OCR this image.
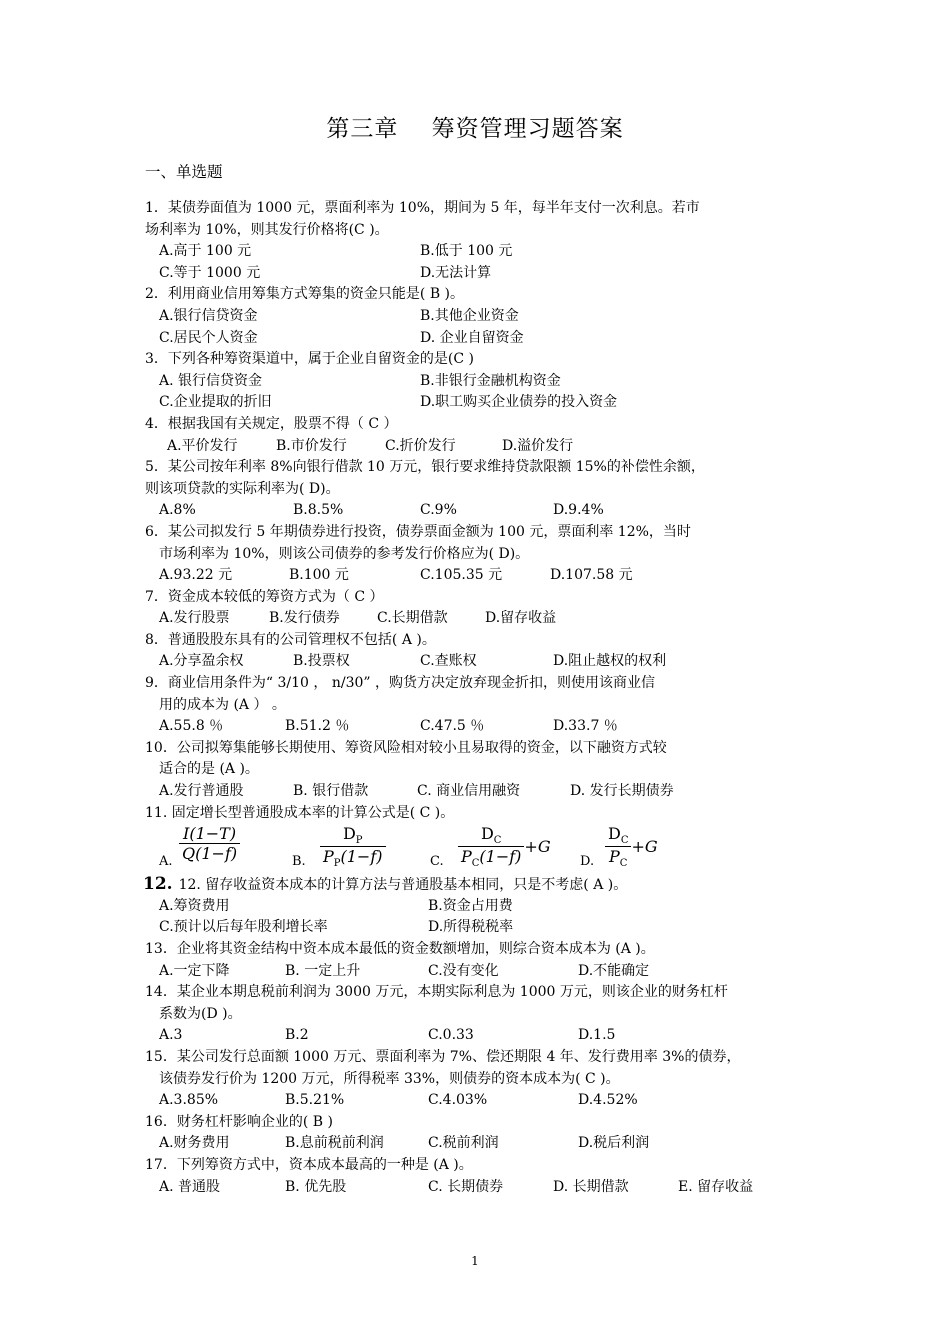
第三章    筹资管理习题答案
一、单选题
1．某债券面值为 1000 元，票面利率为 10%，期间为 5 年，每半年支付一次利息。若市
场利率为 10%，则其发行价格将(C )。
A.高于 100 元	B.低于 100 元
C.等于 1000 元	D.无法计算
2．利用商业信用筹集方式筹集的资金只能是( B )。
A.银行信贷资金	B.其他企业资金
C.居民个人资金	D. 企业自留资金
3．下列各种筹资渠道中，属于企业自留资金的是(C )
A. 银行信贷资金	B.非银行金融机构资金
C.企业提取的折旧	D.职工购买企业债券的投入资金
4．根据我国有关规定，股票不得（ C ）
A.平价发行	B.市价发行	C.折价发行	D.溢价发行
5．某公司按年利率 8%向银行借款 10 万元，银行要求维持贷款限额 15%的补偿性余额，
则该项贷款的实际利率为( D)。
A.8%	B.8.5%	C.9%	D.9.4%
6．某公司拟发行 5 年期债券进行投资，债券票面金额为 100 元，票面利率 12%，当时
市场利率为 10%，则该公司债券的参考发行价格应为( D)。
A.93.22 元	B.100 元	C.105.35 元	D.107.58 元
7．资金成本较低的筹资方式为（ C ）
A.发行股票	B.发行债券	C.长期借款	D.留存收益
8．普通股股东具有的公司管理权不包括( A )。
A.分享盈余权	B.投票权	C.查账权	D.阻止越权的权利
9．商业信用条件为“ 3/10 ， n/30” ，购货方决定放弃现金折扣，则使用该商业信
用的成本为 (A ） 。
A.55.8 ％	B.51.2 ％	C.47.5 ％	D.33.7 ％
10．公司拟筹集能够长期使用、筹资风险相对较小且易取得的资金，以下融资方式较
适合的是 (A )。
A.发行普通股	B. 银行借款	C. 商业信用融资	D. 发行长期债券
11. 固定增长型普通股成本率的计算公式是( C )。
A. $\frac{I(1-T)}{Q(1-f)}$	B. $\frac{D_P}{P_P(1-f)}$	C. $\frac{D_C}{P_C(1-f)} +G$
D. $\frac{D_C}{P_C} +G$
12. 12. 留存收益资本成本的计算方法与普通股基本相同，只是不考虑( A )。
A.筹资费用	B.资金占用费
C.预计以后每年股利增长率	D.所得税税率
13．企业将其资金结构中资本成本最低的资金数额增加，则综合资本成本为 (A )。
A.一定下降	B. 一定上升	C.没有变化	D.不能确定
14．某企业本期息税前利润为 3000 万元，本期实际利息为 1000 万元，则该企业的财务杠杆
系数为(D )。
A.3	B.2	C.0.33	D.1.5
15．某公司发行总面额 1000 万元、票面利率为 7%、偿还期限 4 年、发行费用率 3%的债券，
该债券发行价为 1200 万元，所得税率 33%，则债券的资本成本为( C )。
A.3.85%	B.5.21%	C.4.03%	D.4.52%
16．财务杠杆影响企业的( B )
A.财务费用	B.息前税前利润	C.税前利润	D.税后利润
17．下列筹资方式中，资本成本最高的一种是 (A )。
A. 普通股	B. 优先股	C. 长期债券	D. 长期借款	E. 留存收益
1
